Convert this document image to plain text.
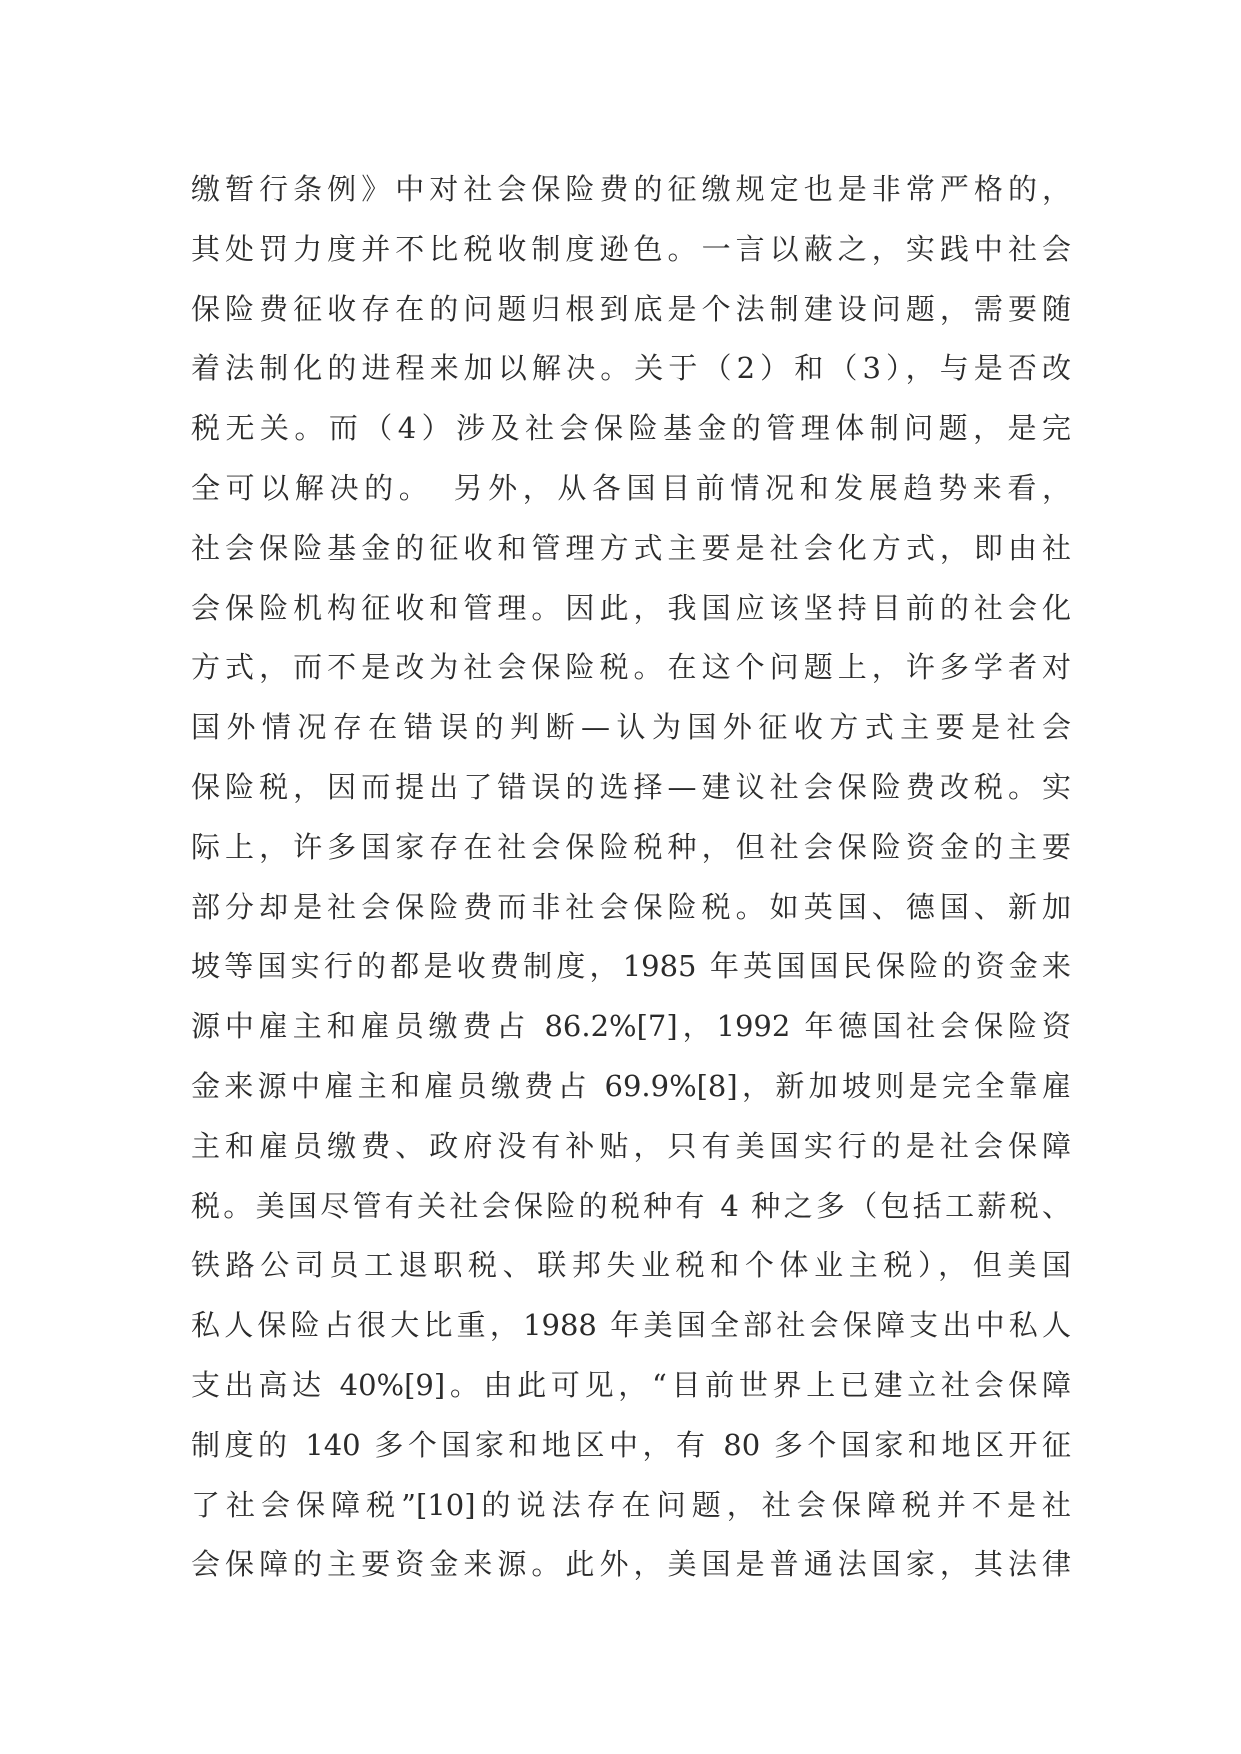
缴暂行条例》中对社会保险费的征缴规定也是非常严格的，
其处罚力度并不比税收制度逊色。一言以蔽之，实践中社会
保险费征收存在的问题归根到底是个法制建设问题，需要随
着法制化的进程来加以解决。关于（2）和（3），与是否改
税无关。而（4）涉及社会保险基金的管理体制问题，是完
全可以解决的。　另外，从各国目前情况和发展趋势来看，
社会保险基金的征收和管理方式主要是社会化方式，即由社
会保险机构征收和管理。因此，我国应该坚持目前的社会化
方式，而不是改为社会保险税。在这个问题上，许多学者对
国外情况存在错误的判断—认为国外征收方式主要是社会
保险税，因而提出了错误的选择—建议社会保险费改税。实
际上，许多国家存在社会保险税种，但社会保险资金的主要
部分却是社会保险费而非社会保险税。如英国、德国、新加
坡等国实行的都是收费制度，1985 年英国国民保险的资金来
源中雇主和雇员缴费占 86.2%[7]，1992 年德国社会保险资
金来源中雇主和雇员缴费占 69.9%[8]，新加坡则是完全靠雇
主和雇员缴费、政府没有补贴，只有美国实行的是社会保障
税。美国尽管有关社会保险的税种有 4 种之多（包括工薪税、
铁路公司员工退职税、联邦失业税和个体业主税），但美国
私人保险占很大比重，1988 年美国全部社会保障支出中私人
支出高达 40%[9]。由此可见，“目前世界上已建立社会保障
制度的 140 多个国家和地区中，有 80 多个国家和地区开征
了社会保障税”[10]的说法存在问题，社会保障税并不是社
会保障的主要资金来源。此外，美国是普通法国家，其法律
